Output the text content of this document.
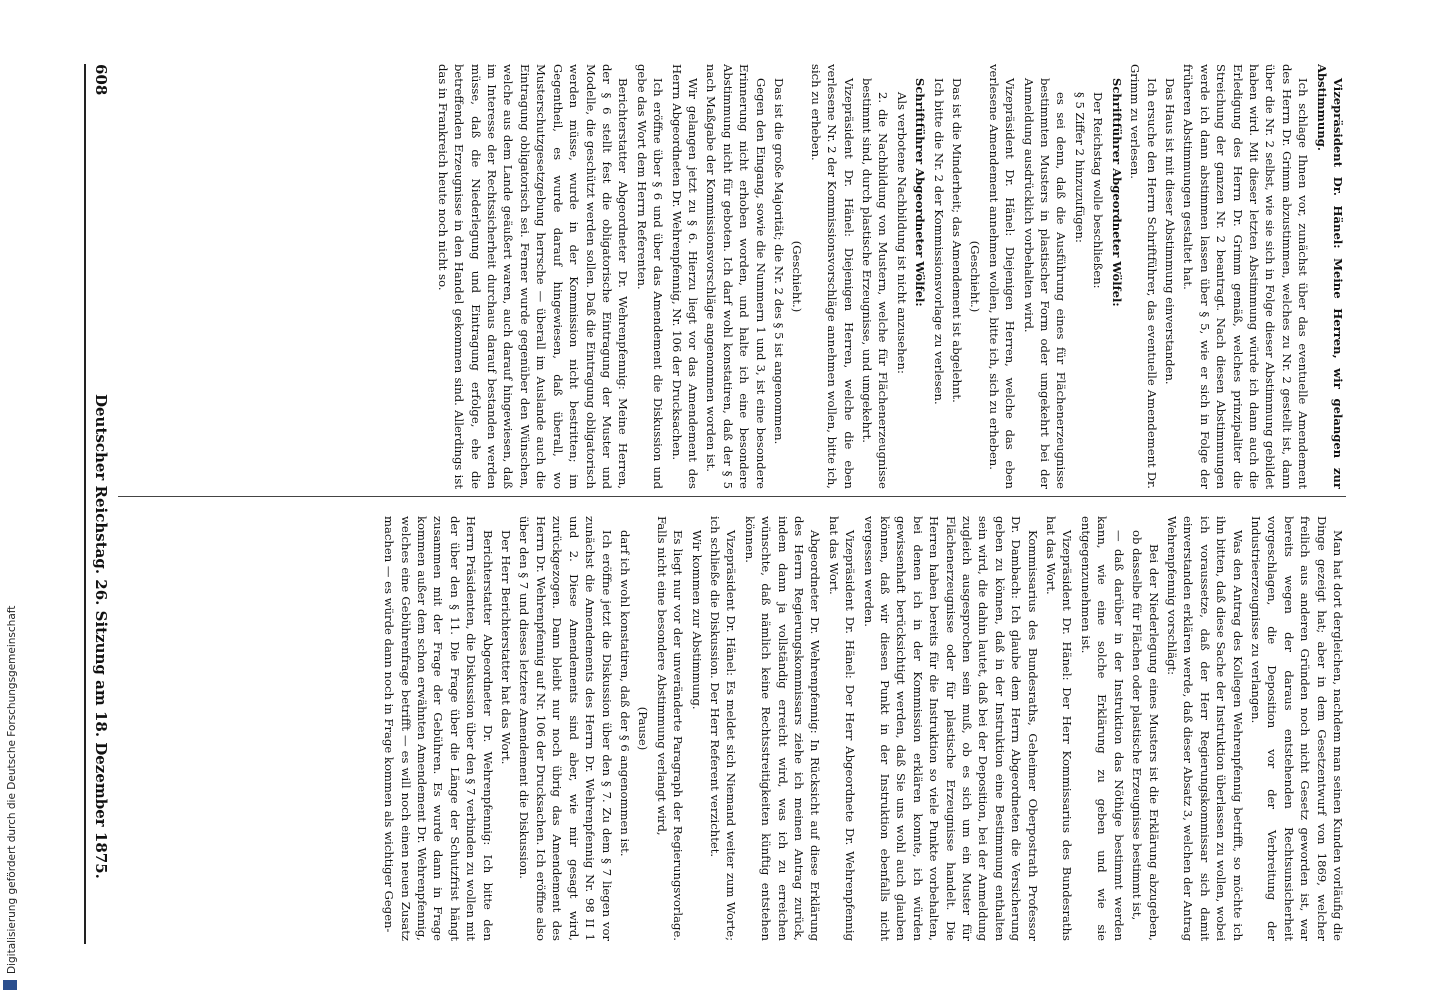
608
Deutscher Reichstag. 26. Sitzung am 18. Dezember 1875.

Vizepräsident Dr. Hänel: Meine Herren, wir gelangen zur Abstimmung.

Ich schlage Ihnen vor, zunächst über das eventuelle Amendement des Herrn Dr. Grimm abzustimmen, welches zu Nr. 2 gestellt ist, dann über die Nr. 2 selbst, wie sie sich in Folge dieser Abstimmung gebildet haben wird. Mit dieser letzten Abstimmung würde ich dann auch die Erledigung des Herrn Dr. Grimm gemäß, welches prinzipaliter die Streichung der ganzen Nr. 2 beantragt. Nach diesen Abstimmungen werde ich dann abstimmen lassen über § 5, wie er sich in Folge der früheren Abstimmungen gestaltet hat.

Das Haus ist mit dieser Abstimmung einverstanden.

Ich ersuche den Herrn Schriftführer, das eventuelle Amendement Dr. Grimm zu verlesen.

Schriftführer Abgeordneter Wölfel:

Der Reichstag wolle beschließen:

§ 5 Ziffer 2 hinzuzufügen:

es sei denn, daß die Ausführung eines für Flächenerzeugnisse bestimmten Musters in plastischer Form oder umgekehrt bei der Anmeldung ausdrücklich vorbehalten wird.

Vizepräsident Dr. Hänel: Diejenigen Herren, welche das eben verlesene Amendement annehmen wollen, bitte ich, sich zu erheben.

(Geschieht.)

Das ist die Minderheit; das Amendement ist abgelehnt.

Ich bitte die Nr. 2 der Kommissionsvorlage zu verlesen.

Schriftführer Abgeordneter Wölfel:

Als verbotene Nachbildung ist nicht anzusehen:

2. die Nachbildung von Mustern, welche für Flächenerzeugnisse bestimmt sind, durch plastische Erzeugnisse, und umgekehrt.

Vizepräsident Dr. Hänel: Diejenigen Herren, welche die eben verlesene Nr. 2 der Kommissionsvorschläge annehmen wollen, bitte ich, sich zu erheben.

(Geschieht.)

Das ist die große Majorität; die Nr. 2 des § 5 ist angenommen.

Gegen den Eingang, sowie die Nummern 1 und 3, ist eine besondere Erinnerung nicht erhoben worden, und halte ich eine besondere Abstimmung nicht für geboten. Ich darf wohl konstatiren, daß der § 5 nach Maßgabe der Kommissionsvorschläge angenommen worden ist.

Wir gelangen jetzt zu § 6. Hierzu liegt vor das Amendement des Herrn Abgeordneten Dr. Wehrenpfennig, Nr. 106 der Drucksachen.

Ich eröffne über § 6 und über das Amendement die Diskussion und gebe das Wort dem Herrn Referenten.

Berichterstatter Abgeordneter Dr. Wehrenpfennig: Meine Herren, der § 6 stellt fest die obligatorische Eintragung der Muster und Modelle, die geschützt werden sollen. Daß die Eintragung obligatorisch werden müsse, wurde in der Kommission nicht bestritten; im Gegentheil, es wurde darauf hingewiesen, daß überall, wo Musterschutzgesetzgebung herrsche — überall im Auslande auch die Eintragung obligatorisch sei. Ferner wurde gegenüber den Wünschen, welche aus dem Lande geäußert waren, auch darauf hingewiesen, daß im Interesse der Rechtssicherheit durchaus darauf bestanden werden müsse, daß die Niederlegung und Eintragung erfolge, ehe die betreffenden Erzeugnisse in den Handel gekommen sind. Allerdings ist das in Frankreich heute noch nicht so.

Man hat dort dergleichen, nachdem man seinen Kunden vorläufig die Dinge gezeigt hat; aber in dem Gesetzentwurf von 1869, welcher freilich aus anderen Gründen noch nicht Gesetz geworden ist, war bereits wegen der daraus entstehenden Rechtsunsicherheit vorgeschlagen, die Deposition vor der Verbreitung der Industrieerzeugnisse zu verlangen.

Was den Antrag des Kollegen Wehrenpfennig betrifft, so möchte ich ihn bitten, daß diese Sache der Instruktion überlassen zu wollen, wobei ich voraussetze, daß der Herr Regierungskommissar sich damit einverstanden erklären werde, daß dieser Absatz 3, welchen der Antrag Wehrenpfennig vorschlägt:

Bei der Niederlegung eines Musters ist die Erklärung abzugeben, ob dasselbe für Flächen oder plastische Erzeugnisse bestimmt ist,

— daß darüber in der Instruktion das Nöthige bestimmt werden kann, wie eine solche Erklärung zu geben und wie sie entgegenzunehmen ist.

Vizepräsident Dr. Hänel: Der Herr Kommissarius des Bundesraths hat das Wort.

Kommissarius des Bundesraths, Geheimer Oberpostrath Professor Dr. Dambach: Ich glaube dem Herrn Abgeordneten die Versicherung geben zu können, daß in der Instruktion eine Bestimmung enthalten sein wird, die dahin lautet, daß bei der Deposition, bei der Anmeldung zugleich ausgesprochen sein muß, ob es sich um ein Muster für Flächenerzeugnisse oder für plastische Erzeugnisse handelt. Die Herren haben bereits für die Instruktion so viele Punkte vorbehalten, bei denen ich in der Kommission erklären konnte, ich würden gewissenhaft berücksichtigt werden, daß Sie uns wohl auch glauben können, daß wir diesen Punkt in der Instruktion ebenfalls nicht vergessen werden.

Vizepräsident Dr. Hänel: Der Herr Abgeordnete Dr. Wehrenpfennig hat das Wort.

Abgeordneter Dr. Wehrenpfennig: In Rücksicht auf diese Erklärung des Herrn Regierungskommissars ziehe ich meinen Antrag zurück, indem dann ja vollständig erreicht wird, was ich zu erreichen wünschte, daß nämlich keine Rechtsstreitigkeiten künftig entstehen können.

Vizepräsident Dr. Hänel: Es meldet sich Niemand weiter zum Worte; ich schließe die Diskussion. Der Herr Referent verzichtet.

Wir kommen zur Abstimmung.

Es liegt nur vor der unveränderte Paragraph der Regierungsvorlage. Falls nicht eine besondere Abstimmung verlangt wird,

(Pause)

darf ich wohl konstatiren, daß der § 6 angenommen ist.

Ich eröffne jetzt die Diskussion über den § 7. Zu dem § 7 liegen vor zunächst die Amendements des Herrn Dr. Wehrenpfennig Nr. 98 II 1 und 2. Diese Amendements sind aber, wie mir gesagt wird, zurückgezogen. Dann bleibt nur noch übrig das Amendement des Herrn Dr. Wehrenpfennig auf Nr. 106 der Drucksachen. Ich eröffne also über den § 7 und dieses letztere Amendement die Diskussion.

Der Herr Berichterstatter hat das Wort.

Berichterstatter Abgeordneter Dr. Wehrenpfennig: Ich bitte den Herrn Präsidenten, die Diskussion über den § 7 verbinden zu wollen mit der über den § 11. Die Frage über die Länge der Schutzfrist hängt zusammen mit der Frage der Gebühren. Es wurde dann in Frage kommen außer dem schon erwähnten Amendement Dr. Wehrenpfennig, welches eine Gebührenfrage betrifft — es will noch einen neuen Zusatz machen — es würde dann noch in Frage kommen als wichtiger Gegen-

Digitalisierung gefördert durch die Deutsche Forschungsgemeinschaft
